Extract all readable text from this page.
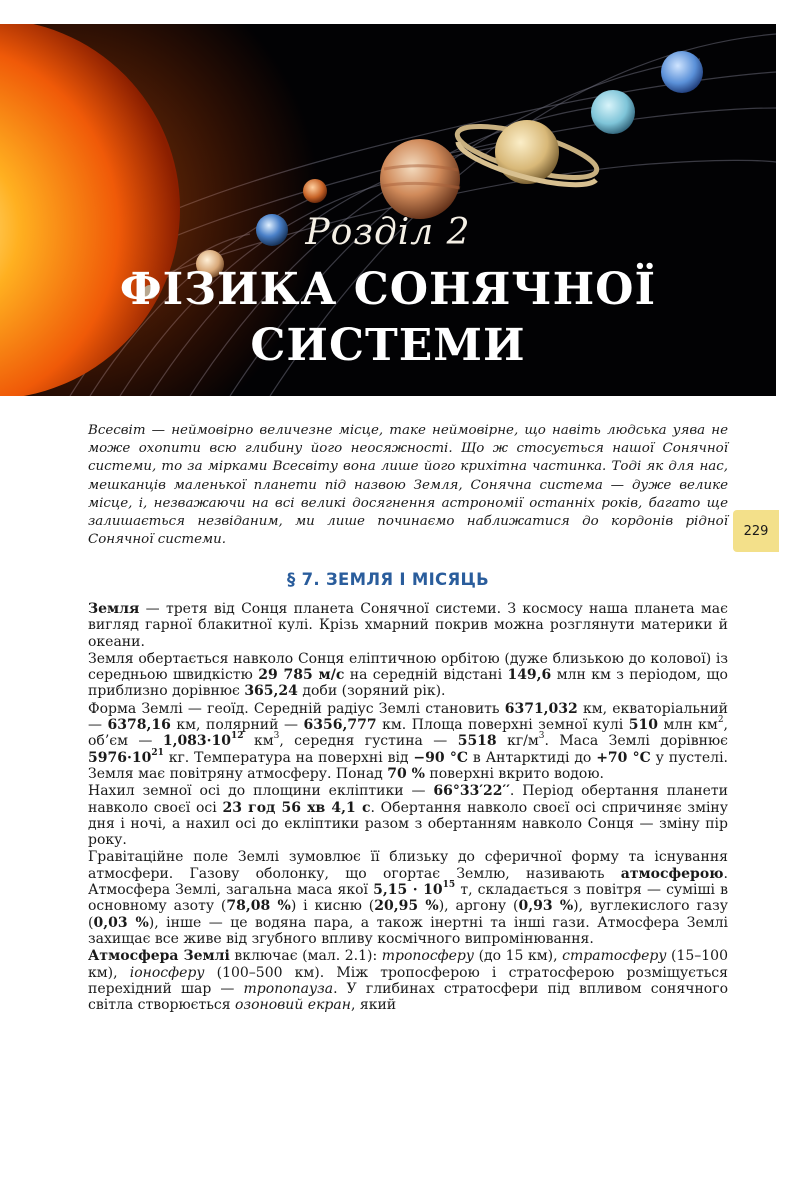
Розділ 2
ФІЗИКА СОНЯЧНОЇ
СИСТЕМИ
Всесвіт — неймовірно величезне місце, таке неймовірне, що навіть людська уява не може охопити всю глибину його неосяжності. Що ж стосується нашої Сонячної системи, то за мірками Всесвіту вона лише його крихітна частинка. Тоді як для нас, мешканців маленької планети під назвою Земля, Сонячна система — дуже велике місце, і, незважаючи на всі великі досягнення астрономії останніх років, багато ще залишається незвіданим, ми лише починаємо наближатися до кордонів рідної Сонячної системи.
229
§ 7. ЗЕМЛЯ І МІСЯЦЬ

Земля — третя від Сонця планета Сонячної системи. З космосу наша планета має вигляд гарної блакитної кулі. Крізь хмарний покрив можна розглянути материки й океани.

Земля обертається навколо Сонця еліптичною орбітою (дуже близькою до колової) із середньою швидкістю 29 785 м/с на середній відстані 149,6 млн км з періодом, що приблизно дорівнює 365,24 доби (зоряний рік).

Форма Землі — геоїд. Середній радіус Землі становить 6371,032 км, екваторіальний — 6378,16 км, полярний — 6356,777 км. Площа поверхні земної кулі 510 млн $км^2$, об’єм — $1,083\cdot 10^{12}$ $км^3$, середня густина — 5518 $кг/м^3$. Маса Землі дорівнює $5976\cdot 10^{21}$ кг. Температура на поверхні від −90 °С в Антарктиді до +70 °С у пустелі. Земля має повітряну атмосферу. Понад 70 % поверхні вкрито водою.

Нахил земної осі до площини екліптики — 66°33′22′′. Період обертання планети навколо своєї осі 23 год 56 хв 4,1 с. Обертання навколо своєї осі спричиняє зміну дня і ночі, а нахил осі до екліптики разом з обертанням навколо Сонця — зміну пір року.

Гравітаційне поле Землі зумовлює її близьку до сферичної форму та існування атмосфери. Газову оболонку, що огортає Землю, називають атмосферою. Атмосфера Землі, загальна маса якої $5,15 \cdot 10^{15}$ т, складається з повітря — суміші в основному азоту (78,08 %) і кисню (20,95 %), аргону (0,93 %), вуглекислого газу (0,03 %), інше — це водяна пара, а також інертні та інші гази. Атмосфера Землі захищає все живе від згубного впливу космічного випромінювання.

Атмосфера Землі включає (мал. 2.1): тропосферу (до 15 км), стратосферу (15–100 км), іоносферу (100–500 км). Між тропосферою і стратосферою розміщується перехідний шар — тропопауза. У глибинах стратосфери під впливом сонячного світла створюється озоновий екран, який
